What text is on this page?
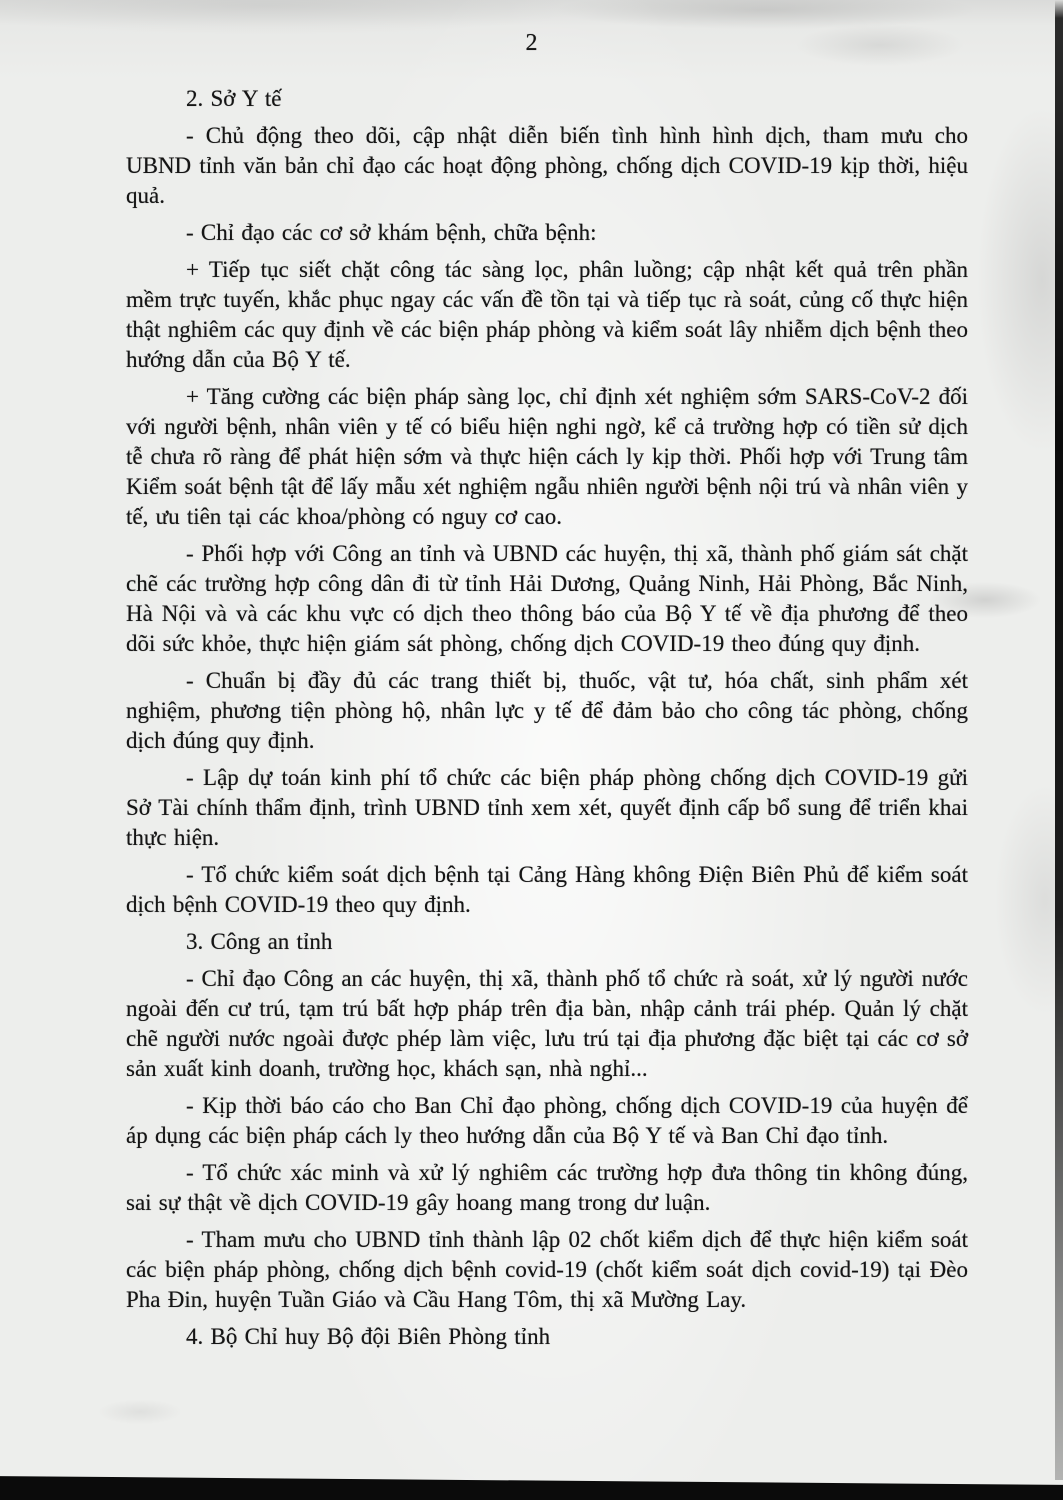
2

2. Sở Y tế

- Chủ động theo dõi, cập nhật diễn biến tình hình hình dịch, tham mưu cho UBND tỉnh văn bản chỉ đạo các hoạt động phòng, chống dịch COVID-19 kịp thời, hiệu quả.

- Chỉ đạo các cơ sở khám bệnh, chữa bệnh:

+ Tiếp tục siết chặt công tác sàng lọc, phân luồng; cập nhật kết quả trên phần mềm trực tuyến, khắc phục ngay các vấn đề tồn tại và tiếp tục rà soát, củng cố thực hiện thật nghiêm các quy định về các biện pháp phòng và kiểm soát lây nhiễm dịch bệnh theo hướng dẫn của Bộ Y tế.

+ Tăng cường các biện pháp sàng lọc, chỉ định xét nghiệm sớm SARS-CoV-2 đối với người bệnh, nhân viên y tế có biểu hiện nghi ngờ, kể cả trường hợp có tiền sử dịch tễ chưa rõ ràng để phát hiện sớm và thực hiện cách ly kịp thời. Phối hợp với Trung tâm Kiểm soát bệnh tật để lấy mẫu xét nghiệm ngẫu nhiên người bệnh nội trú và nhân viên y tế, ưu tiên tại các khoa/phòng có nguy cơ cao.

- Phối hợp với Công an tỉnh và UBND các huyện, thị xã, thành phố giám sát chặt chẽ các trường hợp công dân đi từ tỉnh Hải Dương, Quảng Ninh, Hải Phòng, Bắc Ninh, Hà Nội và và các khu vực có dịch theo thông báo của Bộ Y tế về địa phương để theo dõi sức khỏe, thực hiện giám sát phòng, chống dịch COVID-19 theo đúng quy định.

- Chuẩn bị đầy đủ các trang thiết bị, thuốc, vật tư, hóa chất, sinh phẩm xét nghiệm, phương tiện phòng hộ, nhân lực y tế để đảm bảo cho công tác phòng, chống dịch đúng quy định.

- Lập dự toán kinh phí tổ chức các biện pháp phòng chống dịch COVID-19 gửi Sở Tài chính thẩm định, trình UBND tỉnh xem xét, quyết định cấp bổ sung để triển khai thực hiện.

- Tổ chức kiểm soát dịch bệnh tại Cảng Hàng không Điện Biên Phủ để kiểm soát dịch bệnh COVID-19 theo quy định.

3. Công an tỉnh

- Chỉ đạo Công an các huyện, thị xã, thành phố tổ chức rà soát, xử lý người nước ngoài đến cư trú, tạm trú bất hợp pháp trên địa bàn, nhập cảnh trái phép. Quản lý chặt chẽ người nước ngoài được phép làm việc, lưu trú tại địa phương đặc biệt tại các cơ sở sản xuất kinh doanh, trường học, khách sạn, nhà nghỉ...

- Kịp thời báo cáo cho Ban Chỉ đạo phòng, chống dịch COVID-19 của huyện để áp dụng các biện pháp cách ly theo hướng dẫn của Bộ Y tế và Ban Chỉ đạo tỉnh.

- Tổ chức xác minh và xử lý nghiêm các trường hợp đưa thông tin không đúng, sai sự thật về dịch COVID-19 gây hoang mang trong dư luận.

- Tham mưu cho UBND tỉnh thành lập 02 chốt kiểm dịch để thực hiện kiểm soát các biện pháp phòng, chống dịch bệnh covid-19 (chốt kiểm soát dịch covid-19) tại Đèo Pha Đin, huyện Tuần Giáo và Cầu Hang Tôm, thị xã Mường Lay.

4. Bộ Chỉ huy Bộ đội Biên Phòng tỉnh
